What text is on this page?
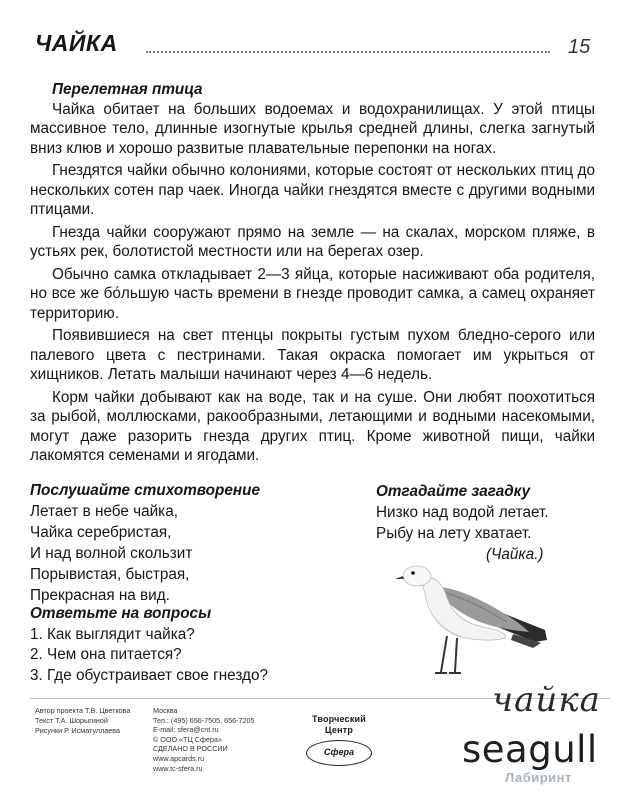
ЧАЙКА	15
Перелетная птица

Чайка обитает на больших водоемах и водохранилищах. У этой птицы массивное тело, длинные изогнутые крылья средней длины, слегка загнутый вниз клюв и хорошо развитые плавательные перепонки на ногах.

Гнездятся чайки обычно колониями, которые состоят от нескольких птиц до нескольких сотен пар чаек. Иногда чайки гнездятся вместе с другими водными птицами.

Гнезда чайки сооружают прямо на земле — на скалах, морском пляже, в устьях рек, болотистой местности или на берегах озер.

Обычно самка откладывает 2—3 яйца, которые насиживают оба родителя, но все же бо́льшую часть времени в гнезде проводит самка, а самец охраняет территорию.

Появившиеся на свет птенцы покрыты густым пухом бледно-серого или палевого цвета с пестринами. Такая окраска помогает им укрыться от хищников. Летать малыши начинают через 4—6 недель.

Корм чайки добывают как на воде, так и на суше. Они любят поохотиться за рыбой, моллюсками, ракообразными, летающими и водными насекомыми, могут даже разорить гнезда других птиц. Кроме животной пищи, чайки лакомятся семенами и ягодами.

Послушайте стихотворение
Летает в небе чайка,
Чайка серебристая,
И над волной скользит
Порывистая, быстрая,
Прекрасная на вид.
Ответьте на вопросы
1. Как выглядит чайка?
2. Чем она питается?
3. Где обустраивает свое гнездо?
Отгадайте загадку
Низко над водой летает.
Рыбу на лету хватает.
(Чайка.)
Автор проекта Т.В. Цветкова
Текст Т.А. Шорыгиной
Рисунки Р. Исматуллаева
Москва
Тел.: (495) 656-7505, 656-7205
E-mail: sfera@cnt.ru
© ООО «ТЦ Сфера»
СДЕЛАНО В РОССИИ
www.apcards.ru
www.tc-sfera.ru
Творческий
Центр
Сфера
чайка
seagull
Лабиринт
